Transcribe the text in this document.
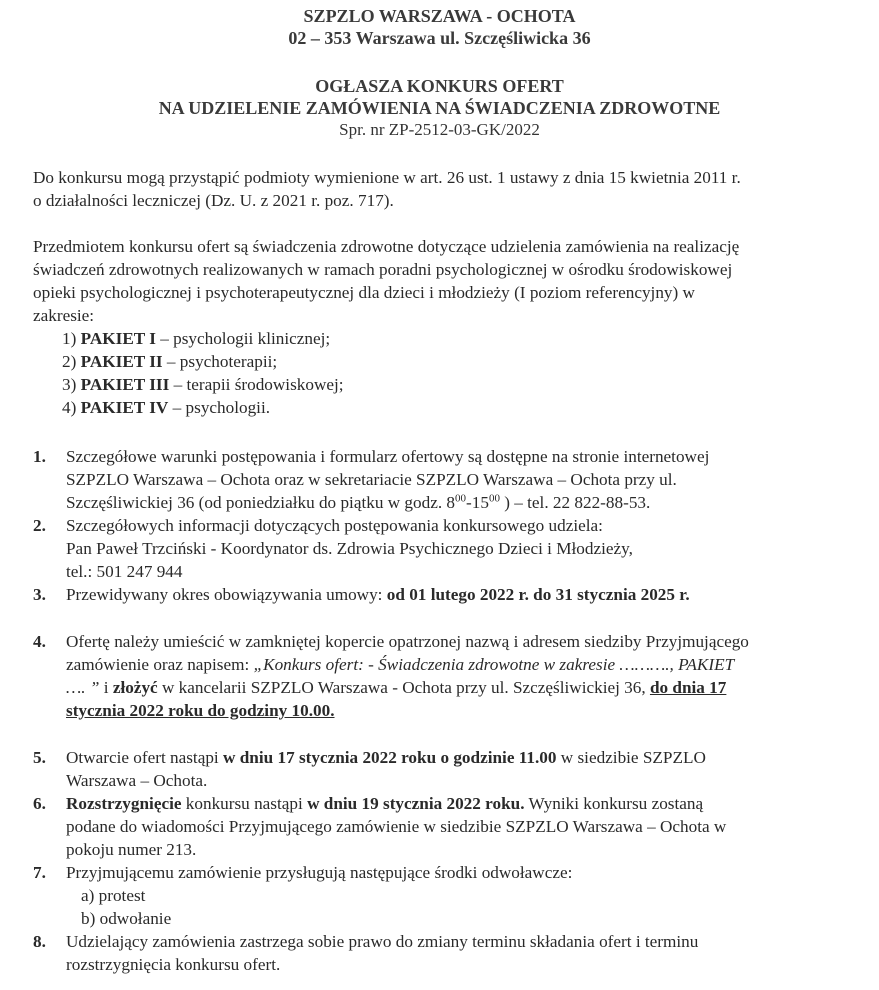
SZPZLO WARSZAWA - OCHOTA
02 – 353 Warszawa ul. Szczęśliwicka 36
OGŁASZA KONKURS OFERT
NA UDZIELENIE ZAMÓWIENIA NA ŚWIADCZENIA ZDROWOTNE
Spr. nr ZP-2512-03-GK/2022
Do konkursu mogą przystąpić podmioty wymienione w art. 26 ust. 1 ustawy z dnia 15 kwietnia 2011 r.
o działalności leczniczej (Dz. U. z 2021 r. poz. 717).
Przedmiotem konkursu ofert są świadczenia zdrowotne dotyczące udzielenia zamówienia na realizację
świadczeń zdrowotnych realizowanych w ramach poradni psychologicznej w ośrodku środowiskowej
opieki psychologicznej i psychoterapeutycznej dla dzieci i młodzieży (I poziom referencyjny) w
zakresie:
1) PAKIET I – psychologii klinicznej;
2) PAKIET II – psychoterapii;
3) PAKIET III – terapii środowiskowej;
4) PAKIET IV – psychologii.
1.	Szczegółowe warunki postępowania i formularz ofertowy są dostępne na stronie internetowej
SZPZLO Warszawa – Ochota oraz w sekretariacie SZPZLO Warszawa – Ochota przy ul.
Szczęśliwickiej 36 (od poniedziałku do piątku w godz. $8^{00}-15^{00}$ ) – tel. 22 822-88-53.
2.	Szczegółowych informacji dotyczących postępowania konkursowego udziela:
Pan Paweł Trzciński - Koordynator ds. Zdrowia Psychicznego Dzieci i Młodzieży,
tel.: 501 247 944
3.	Przewidywany okres obowiązywania umowy: od 01 lutego 2022 r. do 31 stycznia 2025 r.
4.	Ofertę należy umieścić w zamkniętej kopercie opatrzonej nazwą i adresem siedziby Przyjmującego
zamówienie oraz napisem: „Konkurs ofert: - Świadczenia zdrowotne w zakresie ………., PAKIET
…. ” i złożyć w kancelarii SZPZLO Warszawa - Ochota przy ul. Szczęśliwickiej 36, do dnia 17
stycznia 2022 roku do godziny 10.00.
5.	Otwarcie ofert nastąpi w dniu 17 stycznia 2022 roku o godzinie 11.00 w siedzibie SZPZLO
Warszawa – Ochota.
6.	Rozstrzygnięcie konkursu nastąpi w dniu 19 stycznia 2022 roku. Wyniki konkursu zostaną
podane do wiadomości Przyjmującego zamówienie w siedzibie SZPZLO Warszawa – Ochota w
pokoju numer 213.
7.	Przyjmującemu zamówienie przysługują następujące środki odwoławcze:
a) protest
b) odwołanie
8.	Udzielający zamówienia zastrzega sobie prawo do zmiany terminu składania ofert i terminu
rozstrzygnięcia konkursu ofert.
